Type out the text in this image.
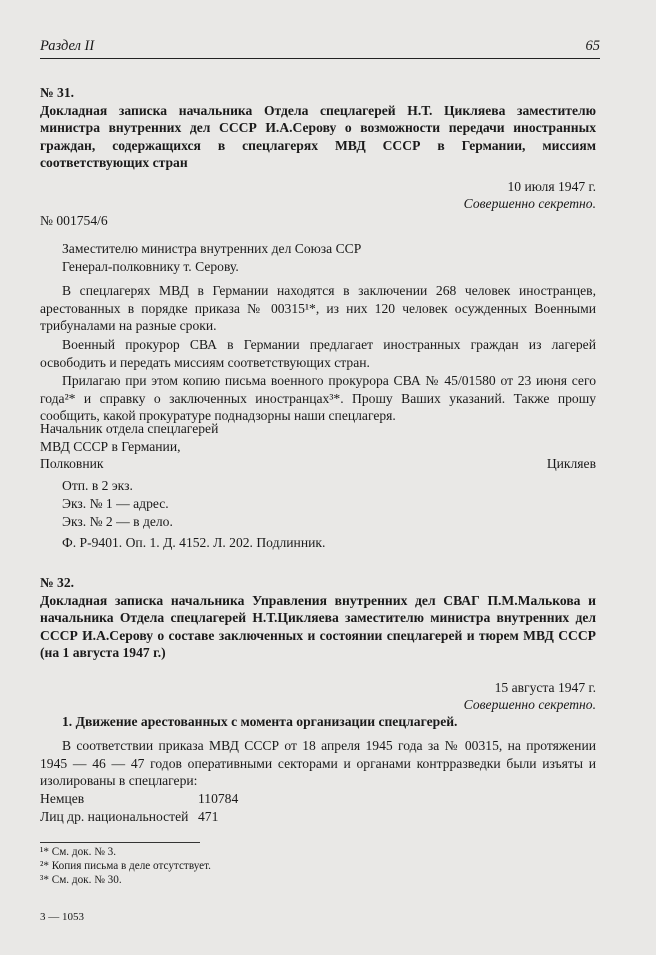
Раздел II	65
№ 31.

Докладная записка начальника Отдела спецлагерей Н.Т. Цикляева заместителю министра внутренних дел СССР И.А.Серову о возможности передачи иностранных граждан, содержащихся в спецлагерях МВД СССР в Германии, миссиям соответствующих стран

10 июля 1947 г.
Совершенно секретно.
№ 001754/6
Заместителю министра внутренних дел Союза ССР
Генерал-полковнику т. Серову.

В спецлагерях МВД в Германии находятся в заключении 268 человек иностранцев, арестованных в порядке приказа № 00315¹*, из них 120 человек осужденных Военными трибуналами на разные сроки.

Военный прокурор СВА в Германии предлагает иностранных граждан из лагерей освободить и передать миссиям соответствующих стран.

Прилагаю при этом копию письма военного прокурора СВА № 45/01580 от 23 июня сего года²* и справку о заключенных иностранцах³*. Прошу Ваших указаний. Также прошу сообщить, какой прокуратуре поднадзорны наши спецлагеря.

Начальник отдела спецлагерей
МВД СССР в Германии,
Полковник	Цикляев
Отп. в 2 экз.
Экз. № 1 — адрес.
Экз. № 2 — в дело.
Ф. Р-9401. Оп. 1. Д. 4152. Л. 202. Подлинник.
№ 32.

Докладная записка начальника Управления внутренних дел СВАГ П.М.Малькова и начальника Отдела спецлагерей Н.Т.Цикляева заместителю министра внутренних дел СССР И.А.Серову о составе заключенных и состоянии спецлагерей и тюрем МВД СССР (на 1 августа 1947 г.)

15 августа 1947 г.
Совершенно секретно.
1. Движение арестованных с момента организации спецлагерей.

В соответствии приказа МВД СССР от 18 апреля 1945 года за № 00315, на протяжении 1945 — 46 — 47 годов оперативными секторами и органами контрразведки были изъяты и изолированы в спецлагери:

Немцев	110784
Лиц др. национальностей 471
¹* См. док. № 3.
²* Копия письма в деле отсутствует.
³* См. док. № 30.
3 — 1053
